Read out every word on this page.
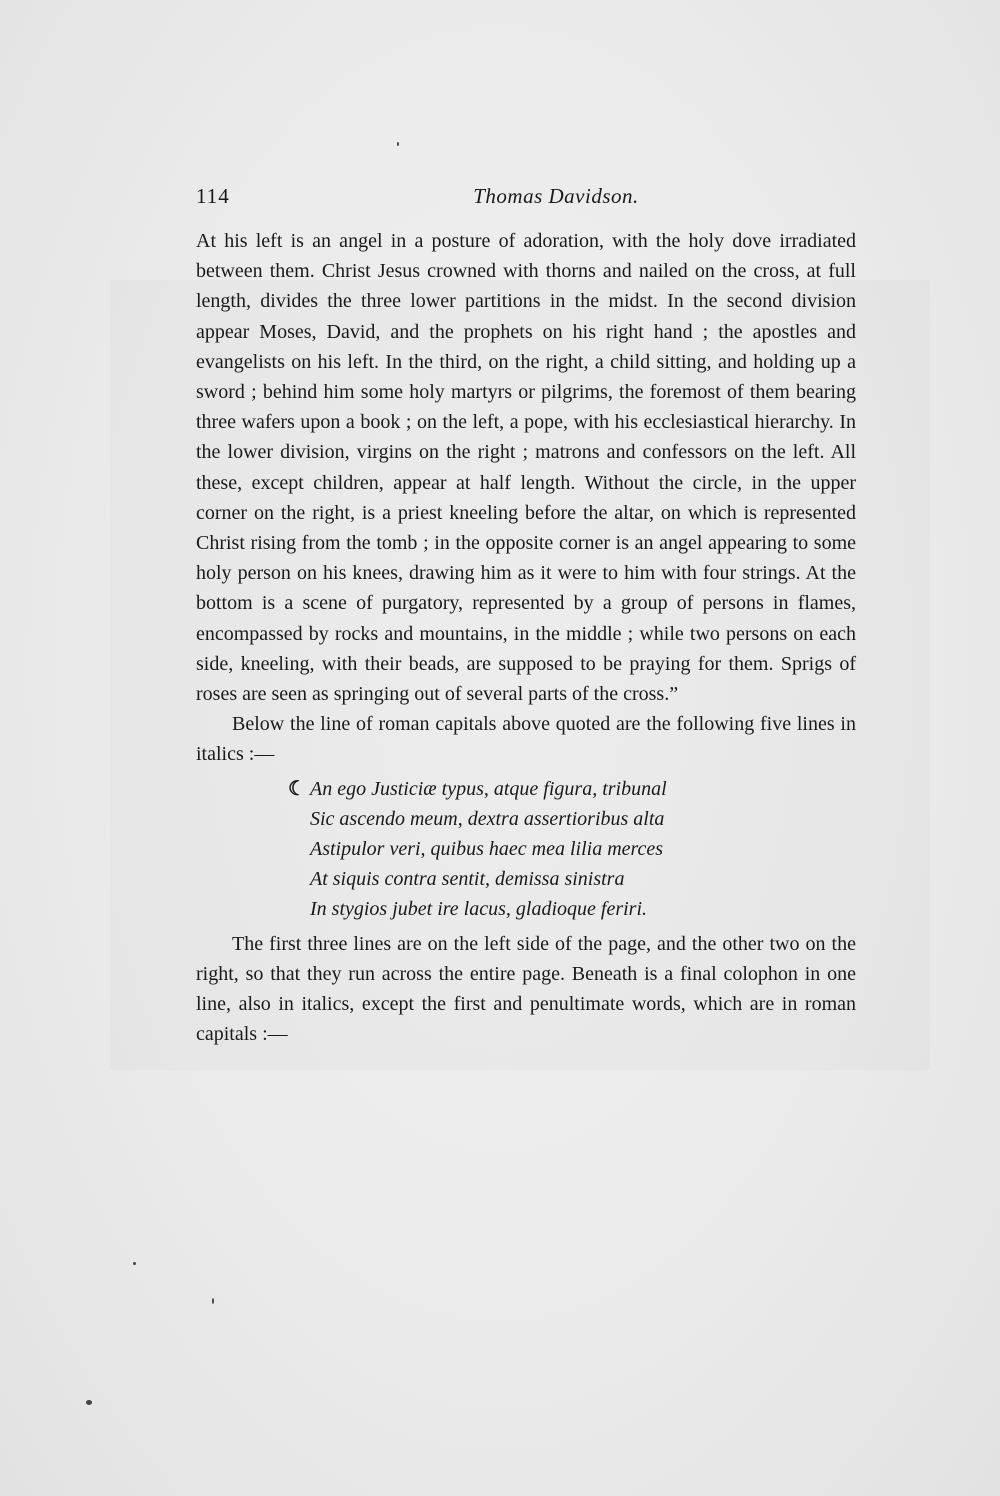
114	Thomas Davidson.

At his left is an angel in a posture of adoration, with the holy dove irradiated between them. Christ Jesus crowned with thorns and nailed on the cross, at full length, divides the three lower partitions in the midst. In the second division appear Moses, David, and the prophets on his right hand ; the apostles and evangelists on his left. In the third, on the right, a child sitting, and holding up a sword ; behind him some holy martyrs or pilgrims, the foremost of them bearing three wafers upon a book ; on the left, a pope, with his ecclesiastical hierarchy. In the lower division, virgins on the right ; matrons and confessors on the left. All these, except children, appear at half length. Without the circle, in the upper corner on the right, is a priest kneeling before the altar, on which is represented Christ rising from the tomb ; in the opposite corner is an angel appearing to some holy person on his knees, drawing him as it were to him with four strings. At the bottom is a scene of purgatory, represented by a group of persons in flames, encompassed by rocks and mountains, in the middle ; while two persons on each side, kneeling, with their beads, are supposed to be praying for them. Sprigs of roses are seen as springing out of several parts of the cross.”

Below the line of roman capitals above quoted are the following five lines in italics :—

☾ An ego Justiciæ typus, atque figura, tribunal
Sic ascendo meum, dextra assertioribus alta
Astipulor veri, quibus haec mea lilia merces
At siquis contra sentit, demissa sinistra
In stygios jubet ire lacus, gladioque feriri.

The first three lines are on the left side of the page, and the other two on the right, so that they run across the entire page. Beneath is a final colophon in one line, also in italics, except the first and penultimate words, which are in roman capitals :—
